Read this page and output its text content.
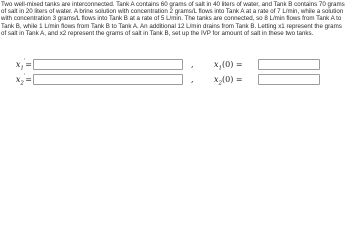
Two well-mixed tanks are interconnected. Tank A contains 60 grams of salt in 40 liters of water, and Tank B contains 70 grams of salt in 20 liters of water. A brine solution with concentration 2 grams/L flows into Tank A at a rate of 7 L/min, while a solution with concentration 3 grams/L flows into Tank B at a rate of 5 L/min. The tanks are connected, so 8 L/min flows from Tank A to Tank B, while 1 L/min flows from Tank B to Tank A. An additional 12 L/min drains from Tank B. Letting x1 represent the grams of salt in Tank A, and x2 represent the grams of salt in Tank B, set up the IVP for amount of salt in these two tanks.

$x_1'=$	,	$x_1(0)$ =
$x_2'=$	,	$x_2(0)$ =
